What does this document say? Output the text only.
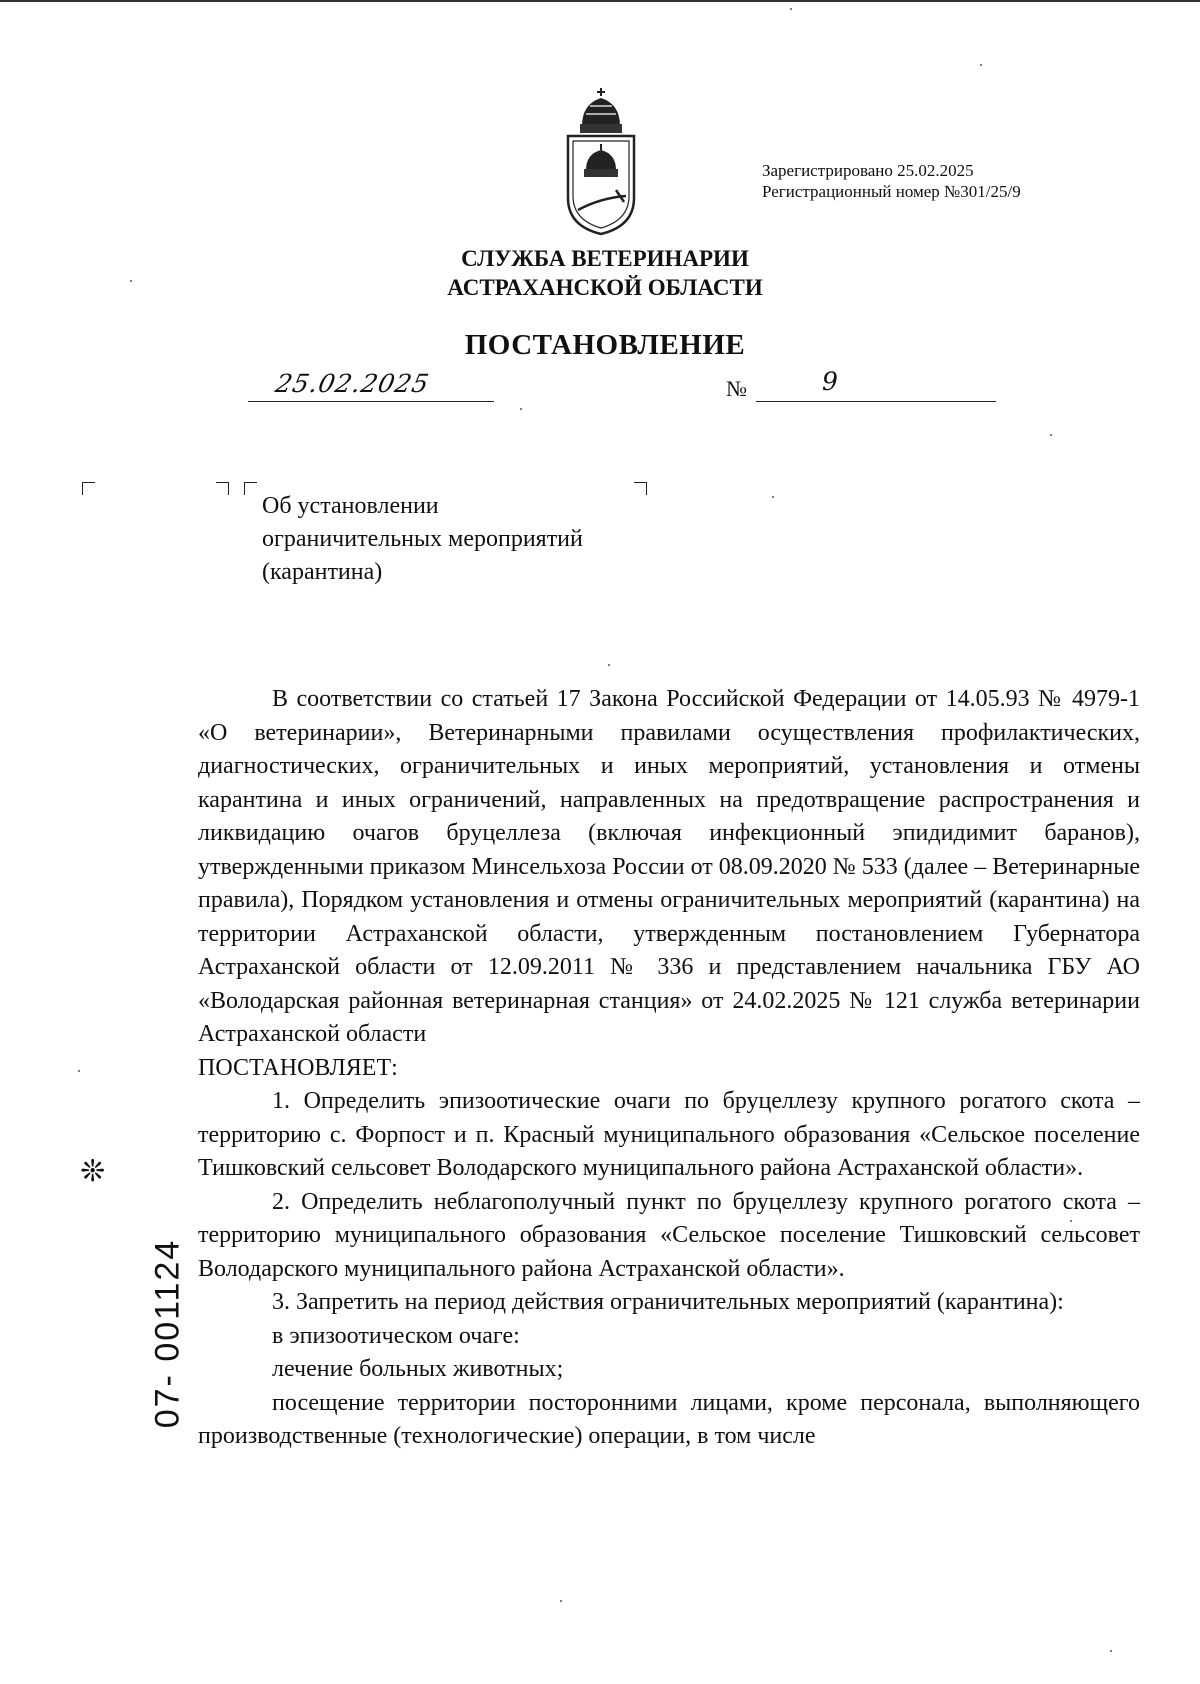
Зарегистрировано 25.02.2025
Регистрационный номер №301/25/9
СЛУЖБА ВЕТЕРИНАРИИ
АСТРАХАНСКОЙ ОБЛАСТИ
ПОСТАНОВЛЕНИЕ
25.02.2025	№	9
Об установлении
ограничительных мероприятий
(карантина)

В соответствии со статьей 17 Закона Российской Федерации от 14.05.93 № 4979-1 «О ветеринарии», Ветеринарными правилами осуществления профилактических, диагностических, ограничительных и иных мероприятий, установления и отмены карантина и иных ограничений, направленных на предотвращение распространения и ликвидацию очагов бруцеллеза (включая инфекционный эпидидимит баранов), утвержденными приказом Минсельхоза России от 08.09.2020 № 533 (далее – Ветеринарные правила), Порядком установления и отмены ограничительных мероприятий (карантина) на территории Астраханской области, утвержденным постановлением Губернатора Астраханской области от 12.09.2011 № 336 и представлением начальника ГБУ АО «Володарская районная ветеринарная станция» от 24.02.2025 № 121 служба ветеринарии Астраханской области

ПОСТАНОВЛЯЕТ:

1. Определить эпизоотические очаги по бруцеллезу крупного рогатого скота – территорию с. Форпост и п. Красный муниципального образования «Сельское поселение Тишковский сельсовет Володарского муниципального района Астраханской области».

2. Определить неблагополучный пункт по бруцеллезу крупного рогатого скота – территорию муниципального образования «Сельское поселение Тишковский сельсовет Володарского муниципального района Астраханской области».

3. Запретить на период действия ограничительных мероприятий (карантина):

в эпизоотическом очаге:

лечение больных животных;

посещение территории посторонними лицами, кроме персонала, выполняющего производственные (технологические) операции, в том числе

❊
07- 001124
